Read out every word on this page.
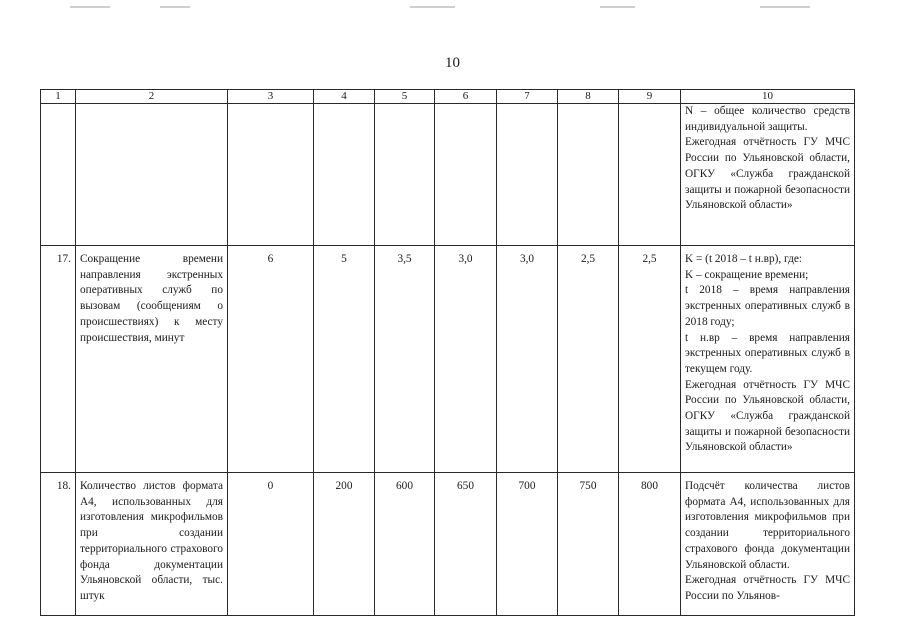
10
1	2	3	4	5	6	7	8	9	10

									N – общее количество средств индивидуальной защиты.
Ежегодная отчётность ГУ МЧС России по Ульяновской области, ОГКУ «Служба гражданской защиты и пожарной безопасности Ульяновской области»

17.	Сокращение времени направления экстренных оперативных служб по вызовам (сообщениям о происшествиях) к месту происшествия, минут	6	5	3,5	3,0	3,0	2,5	2,5	K = (t 2018 – t н.вр), где:
K – сокращение времени;
t 2018 – время направления экстренных оперативных служб в 2018 году;
t н.вр – время направления экстренных оперативных служб в текущем году.
Ежегодная отчётность ГУ МЧС России по Ульяновской области, ОГКУ «Служба гражданской защиты и пожарной безопасности Ульяновской области»

18.	Количество листов формата А4, использованных для изготовления микрофильмов при создании территориального страхового фонда документации Ульяновской области, тыс. штук	0	200	600	650	700	750	800	Подсчёт количества листов формата А4, использованных для изготовления микрофильмов при создании территориального страхового фонда документации Ульяновской области.
Ежегодная отчётность ГУ МЧС России по Ульянов-
